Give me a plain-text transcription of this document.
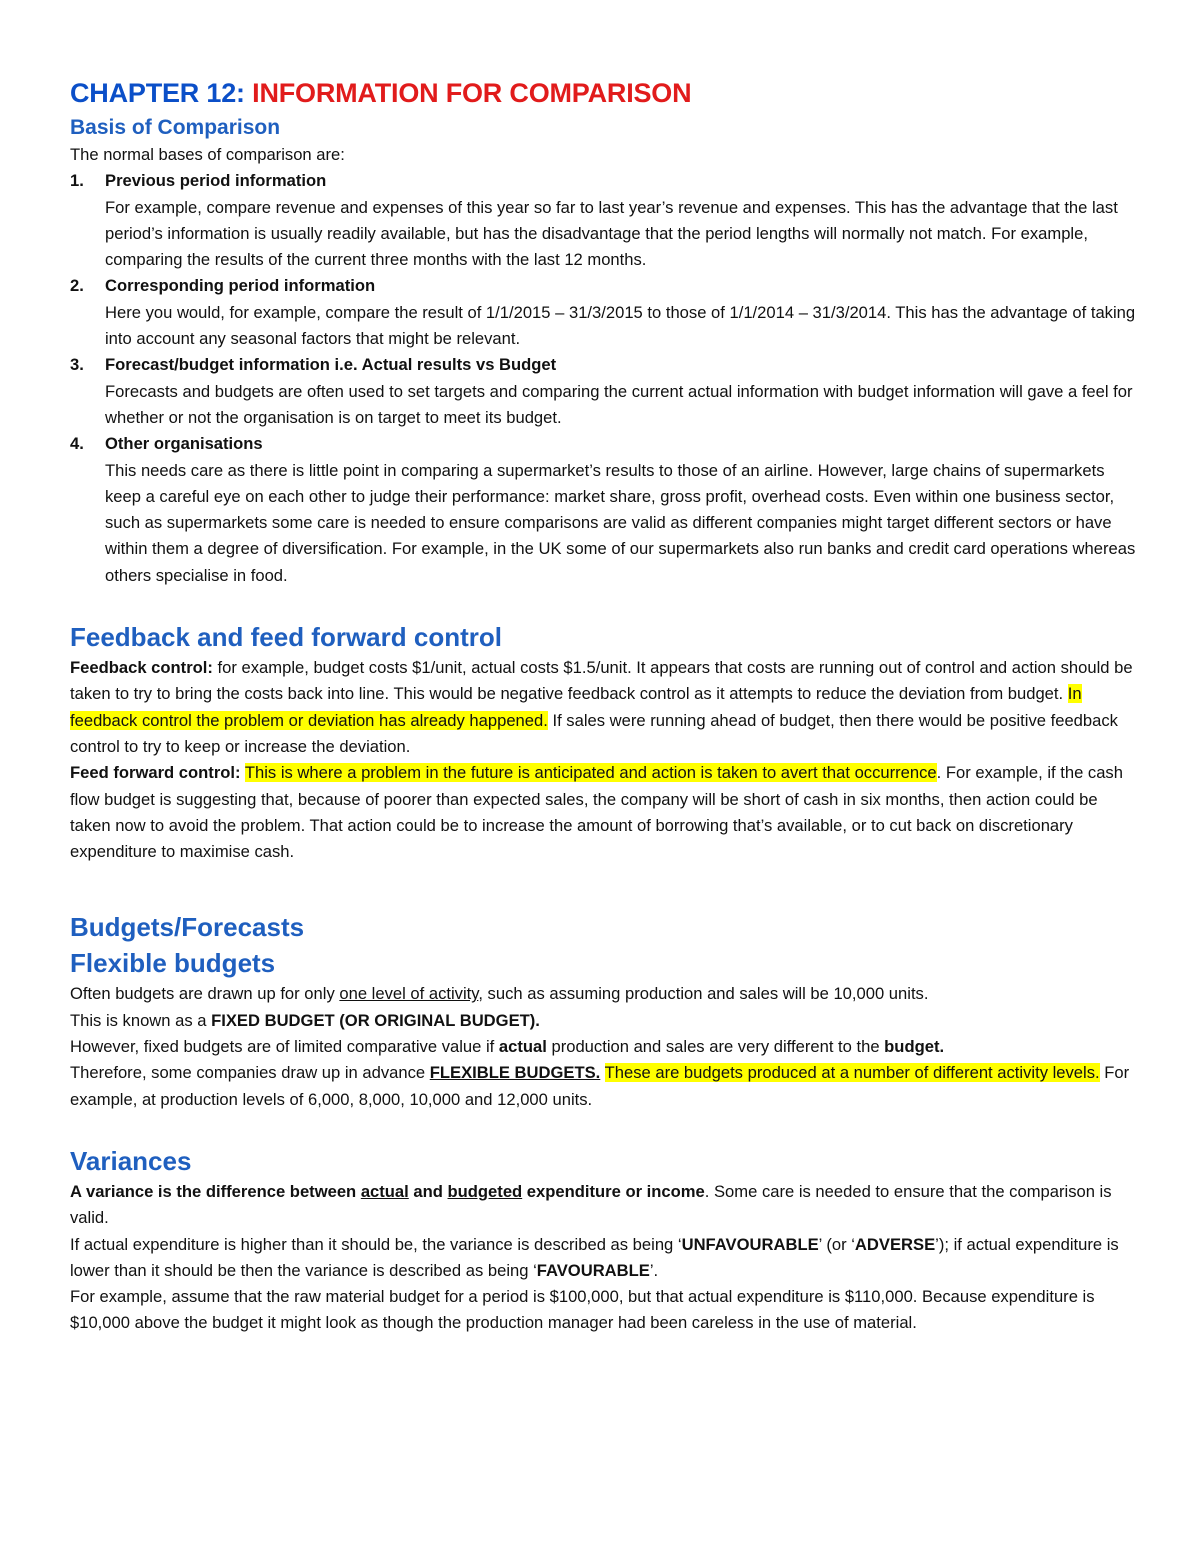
CHAPTER 12: INFORMATION FOR COMPARISON
Basis of Comparison

The normal bases of comparison are:

1. Previous period information
For example, compare revenue and expenses of this year so far to last year’s revenue and expenses. This has the advantage that the last period’s information is usually readily available, but has the disadvantage that the period lengths will normally not match. For example, comparing the results of the current three months with the last 12 months.
2. Corresponding period information
Here you would, for example, compare the result of 1/1/2015 – 31/3/2015 to those of 1/1/2014 – 31/3/2014. This has the advantage of taking into account any seasonal factors that might be relevant.
3. Forecast/budget information i.e. Actual results vs Budget
Forecasts and budgets are often used to set targets and comparing the current actual information with budget information will gave a feel for whether or not the organisation is on target to meet its budget.
4. Other organisations
This needs care as there is little point in comparing a supermarket’s results to those of an airline. However, large chains of supermarkets keep a careful eye on each other to judge their performance: market share, gross profit, overhead costs. Even within one business sector, such as supermarkets some care is needed to ensure comparisons are valid as different companies might target different sectors or have within them a degree of diversification. For example, in the UK some of our supermarkets also run banks and credit card operations whereas others specialise in food.
Feedback and feed forward control

Feedback control: for example, budget costs $1/unit, actual costs $1.5/unit. It appears that costs are running out of control and action should be taken to try to bring the costs back into line. This would be negative feedback control as it attempts to reduce the deviation from budget. In feedback control the problem or deviation has already happened. If sales were running ahead of budget, then there would be positive feedback control to try to keep or increase the deviation.

Feed forward control: This is where a problem in the future is anticipated and action is taken to avert that occurrence. For example, if the cash flow budget is suggesting that, because of poorer than expected sales, the company will be short of cash in six months, then action could be taken now to avoid the problem. That action could be to increase the amount of borrowing that’s available, or to cut back on discretionary expenditure to maximise cash.

Budgets/Forecasts
Flexible budgets

Often budgets are drawn up for only one level of activity, such as assuming production and sales will be 10,000 units.

This is known as a FIXED BUDGET (OR ORIGINAL BUDGET).

However, fixed budgets are of limited comparative value if actual production and sales are very different to the budget.

Therefore, some companies draw up in advance FLEXIBLE BUDGETS. These are budgets produced at a number of different activity levels. For example, at production levels of 6,000, 8,000, 10,000 and 12,000 units.

Variances

A variance is the difference between actual and budgeted expenditure or income. Some care is needed to ensure that the comparison is valid.

If actual expenditure is higher than it should be, the variance is described as being ‘UNFAVOURABLE’ (or ‘ADVERSE’); if actual expenditure is lower than it should be then the variance is described as being ‘FAVOURABLE’.

For example, assume that the raw material budget for a period is $100,000, but that actual expenditure is $110,000. Because expenditure is $10,000 above the budget it might look as though the production manager had been careless in the use of material.
